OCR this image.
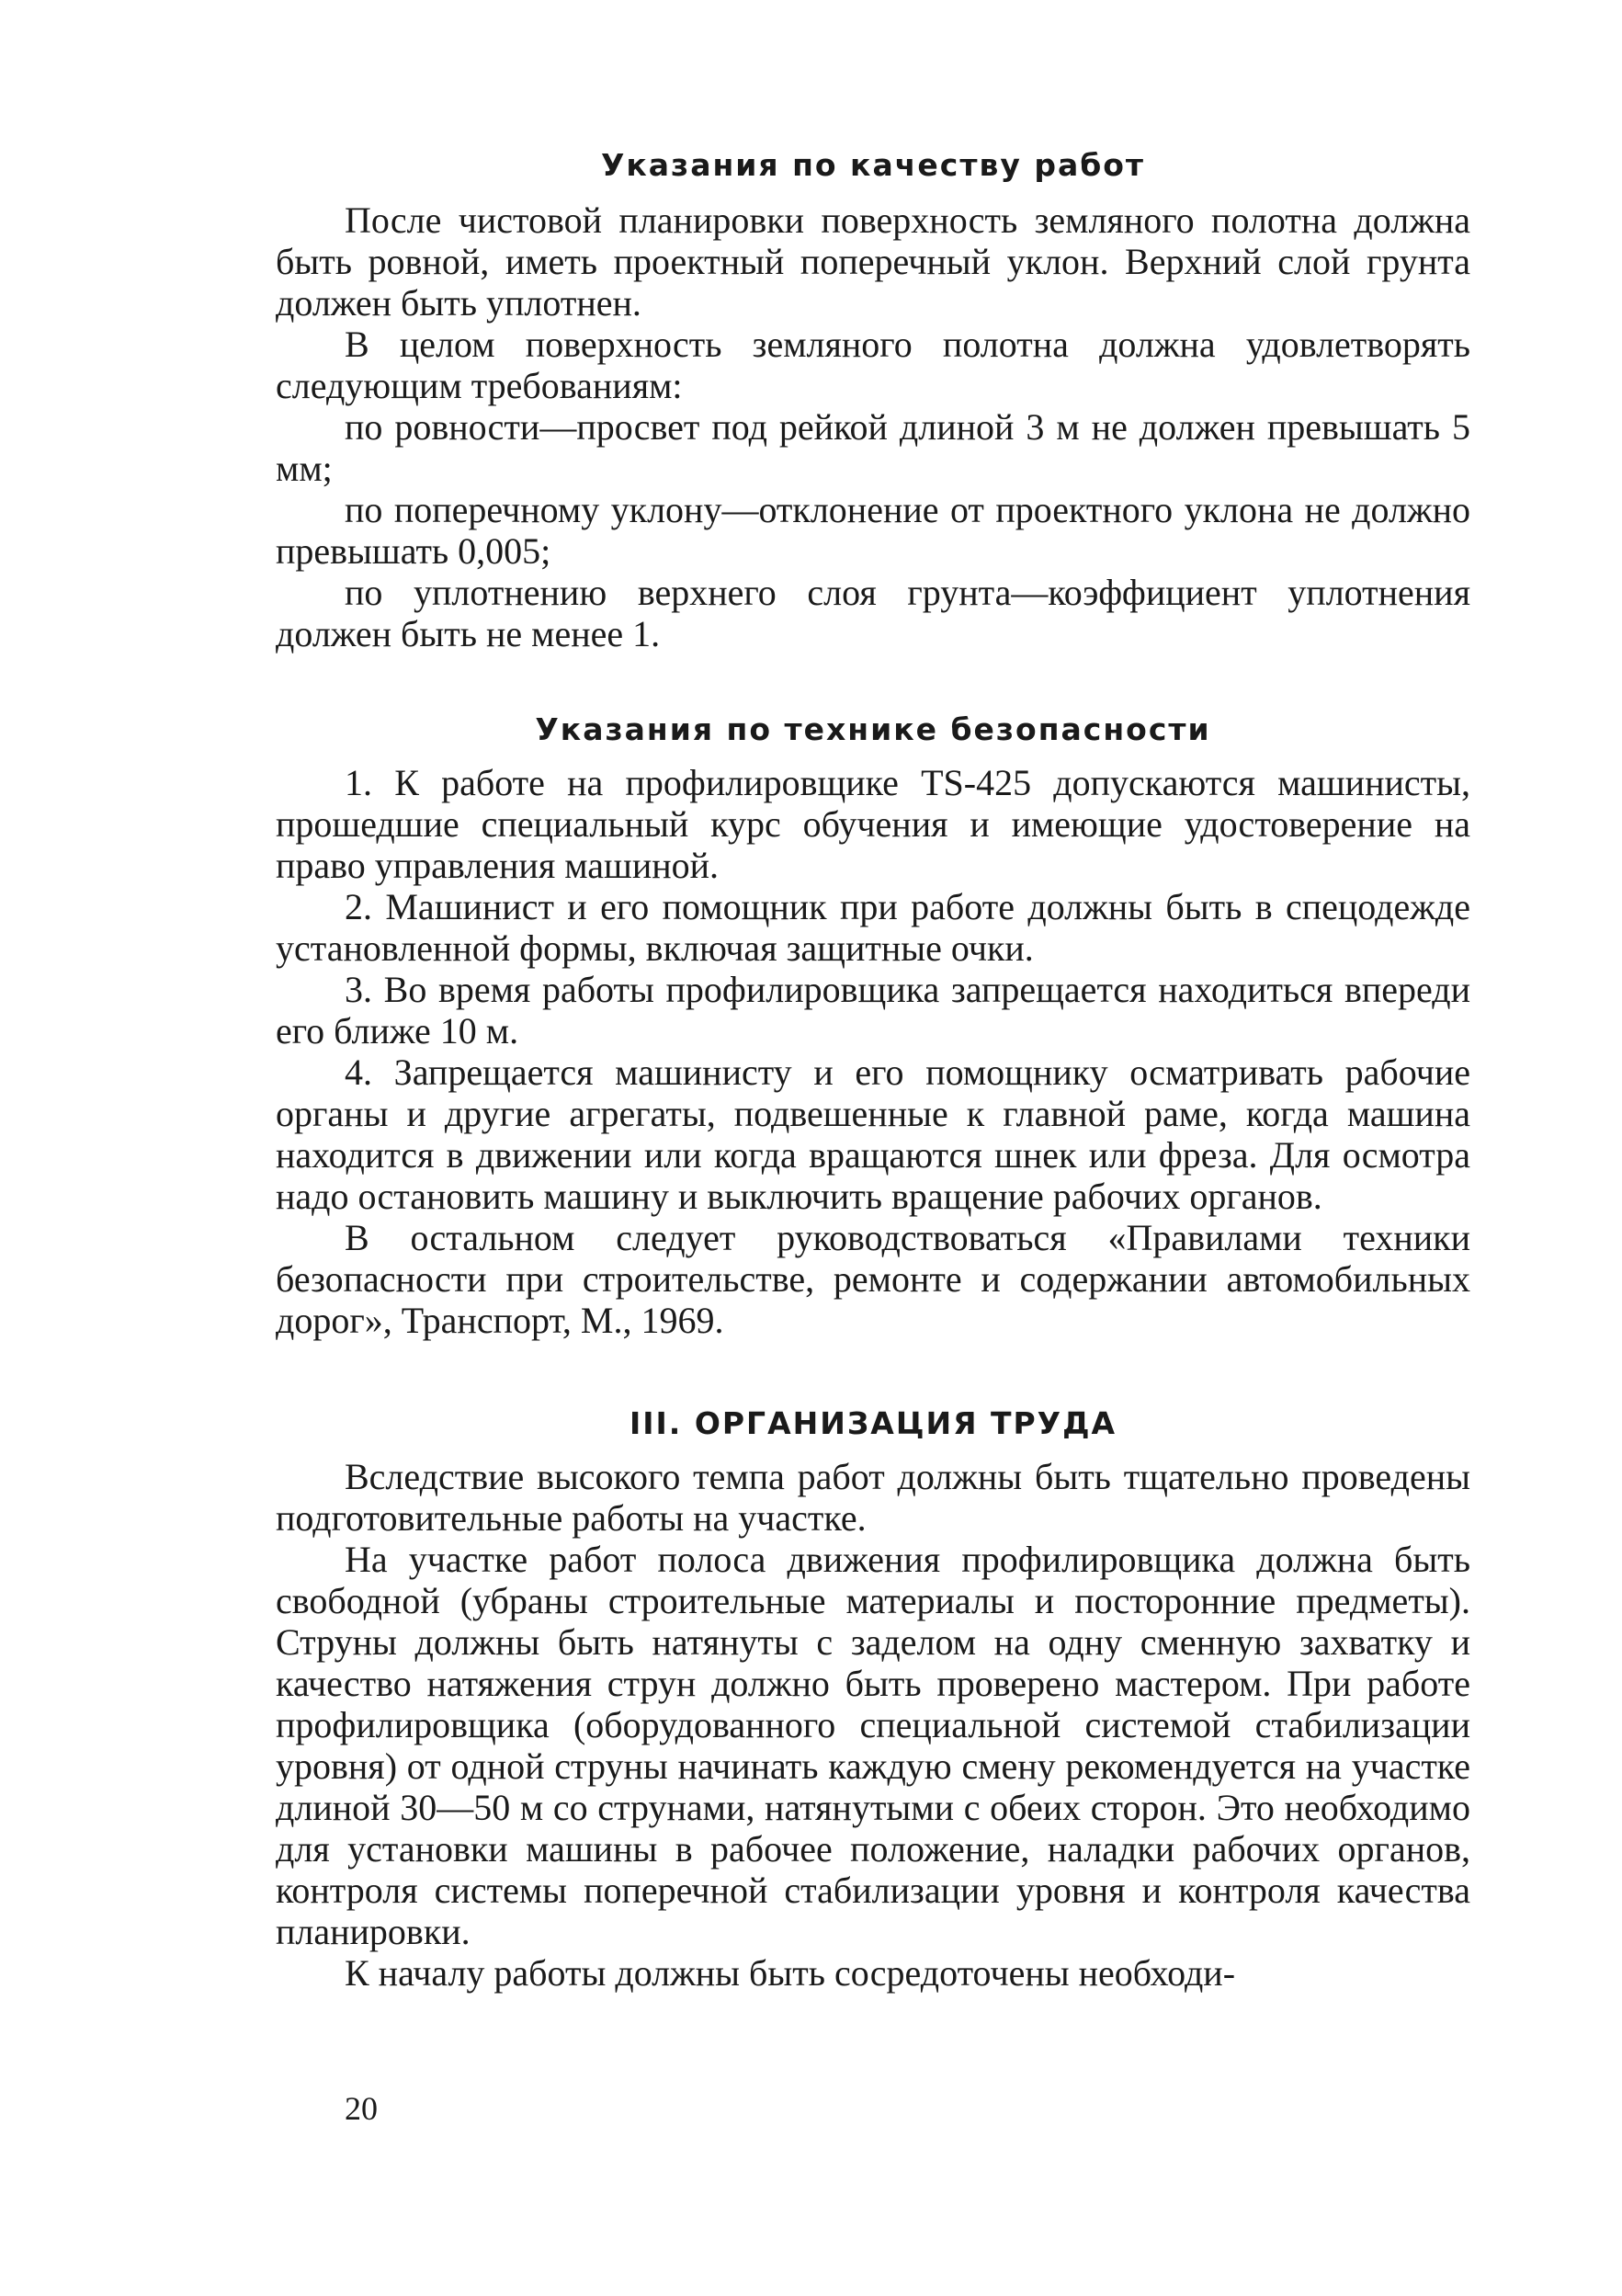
Указания по качеству работ

После чистовой планировки поверхность земляного полотна должна быть ровной, иметь проектный поперечный уклон. Верхний слой грунта должен быть уплотнен.

В целом поверхность земляного полотна должна удовлетворять следующим требованиям:

по ровности—просвет под рейкой длиной 3 м не должен превышать 5 мм;

по поперечному уклону—отклонение от проектного уклона не должно превышать 0,005;

по уплотнению верхнего слоя грунта—коэффициент уплотнения должен быть не менее 1.

Указания по технике безопасности

1. К работе на профилировщике TS-425 допускаются машинисты, прошедшие специальный курс обучения и имеющие удостоверение на право управления машиной.

2. Машинист и его помощник при работе должны быть в спецодежде установленной формы, включая защитные очки.

3. Во время работы профилировщика запрещается находиться впереди его ближе 10 м.

4. Запрещается машинисту и его помощнику осматривать рабочие органы и другие агрегаты, подвешенные к главной раме, когда машина находится в движении или когда вращаются шнек или фреза. Для осмотра надо остановить машину и выключить вращение рабочих органов.

В остальном следует руководствоваться «Правилами техники безопасности при строительстве, ремонте и содержании автомобильных дорог», Транспорт, М., 1969.

III. ОРГАНИЗАЦИЯ ТРУДА

Вследствие высокого темпа работ должны быть тщательно проведены подготовительные работы на участке.

На участке работ полоса движения профилировщика должна быть свободной (убраны строительные материалы и посторонние предметы). Струны должны быть натянуты с заделом на одну сменную захватку и качество натяжения струн должно быть проверено мастером. При работе профилировщика (оборудованного специальной системой стабилизации уровня) от одной струны начинать каждую смену рекомендуется на участке длиной 30—50 м со струнами, натянутыми с обеих сторон. Это необходимо для установки машины в рабочее положение, наладки рабочих органов, контроля системы поперечной стабилизации уровня и контроля качества планировки.

К началу работы должны быть сосредоточены необходи-

20
